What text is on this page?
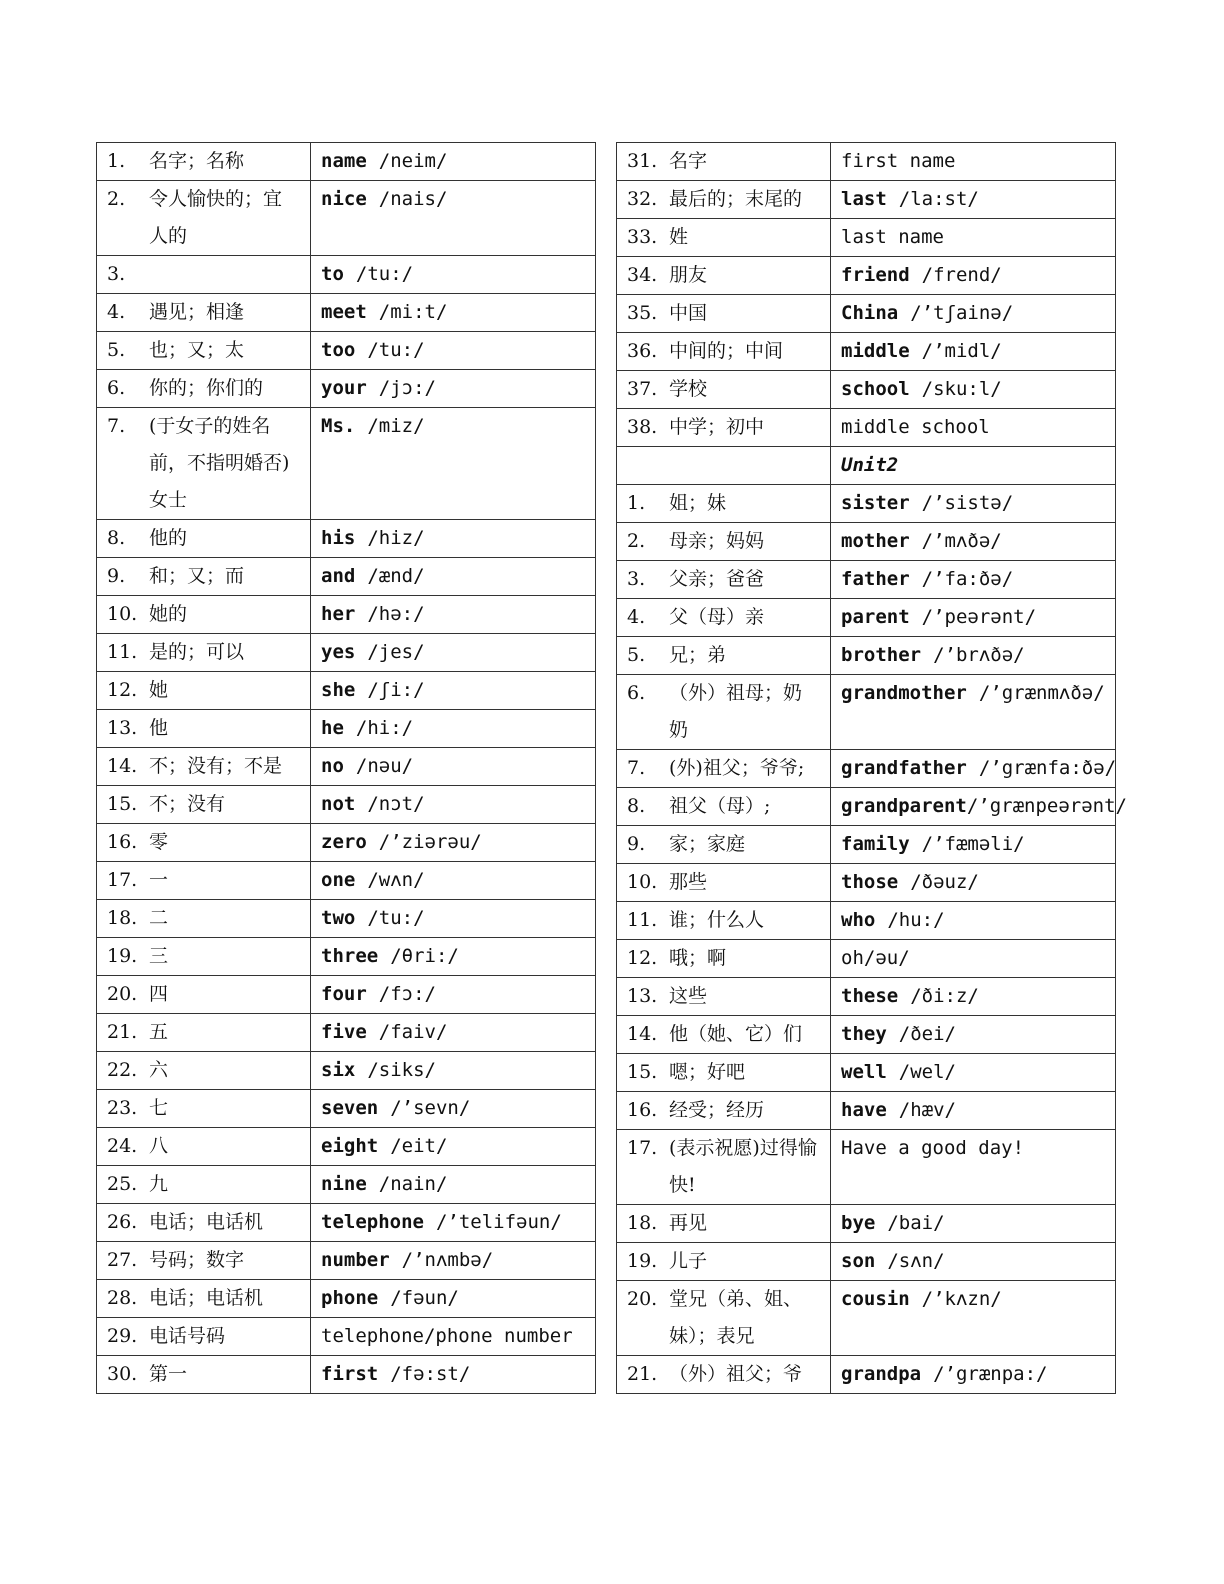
1. 名字；名称	name /neim/

2. 令人愉快的；宜人的	nice /nais/

3.	to /tu:/

4. 遇见；相逢	meet /mi:t/

5. 也；又；太	too /tu:/

6. 你的；你们的	your /jɔ:/

7. (于女子的姓名前，不指明婚否)女士	Ms. /miz/

8. 他的	his /hiz/

9. 和；又；而	and /ænd/

10. 她的	her /hə:/

11. 是的；可以	yes /jes/

12. 她	she /ʃi:/

13. 他	he /hi:/

14. 不；没有；不是	no /nəu/

15. 不；没有	not /nɔt/

16. 零	zero /’ziərəu/

17. 一	one /wʌn/

18. 二	two /tu:/

19. 三	three /θri:/

20. 四	four /fɔ:/

21. 五	five /faiv/

22. 六	six /siks/

23. 七	seven /’sevn/

24. 八	eight /eit/

25. 九	nine /nain/

26. 电话；电话机	telephone /’telifəun/

27. 号码；数字	number /’nʌmbə/

28. 电话；电话机	phone /fəun/

29. 电话号码	telephone/phone number

30. 第一	first /fə:st/
31. 名字	first name

32. 最后的；末尾的	last /la:st/

33. 姓	last name

34. 朋友	friend /frend/

35. 中国	China /’tʃainə/

36. 中间的；中间	middle /’midl/

37. 学校	school /sku:l/

38. 中学；初中	middle school

	Unit2

1. 姐；妹	sister /’sistə/

2. 母亲；妈妈	mother /’mʌðə/

3. 父亲；爸爸	father /’fa:ðə/

4. 父（母）亲	parent /’peərənt/

5. 兄；弟	brother /’brʌðə/

6. （外）祖母；奶奶	grandmother /’grænmʌðə/

7. (外)祖父；爷爷;	grandfather /’grænfa:ðə/

8. 祖父（母）;	grandparent/’grænpeərənt/

9. 家；家庭	family /’fæməli/

10. 那些	those /ðəuz/

11. 谁；什么人	who /hu:/

12. 哦；啊	oh/əu/

13. 这些	these /ði:z/

14. 他（她、它）们	they /ðei/

15. 嗯；好吧	well /wel/

16. 经受；经历	have /hæv/

17. (表示祝愿)过得愉快!	Have a good day!

18. 再见	bye /bai/

19. 儿子	son /sʌn/

20. 堂兄（弟、姐、妹）；表兄	cousin /’kʌzn/

21. （外）祖父；爷	grandpa /’grænpa:/
